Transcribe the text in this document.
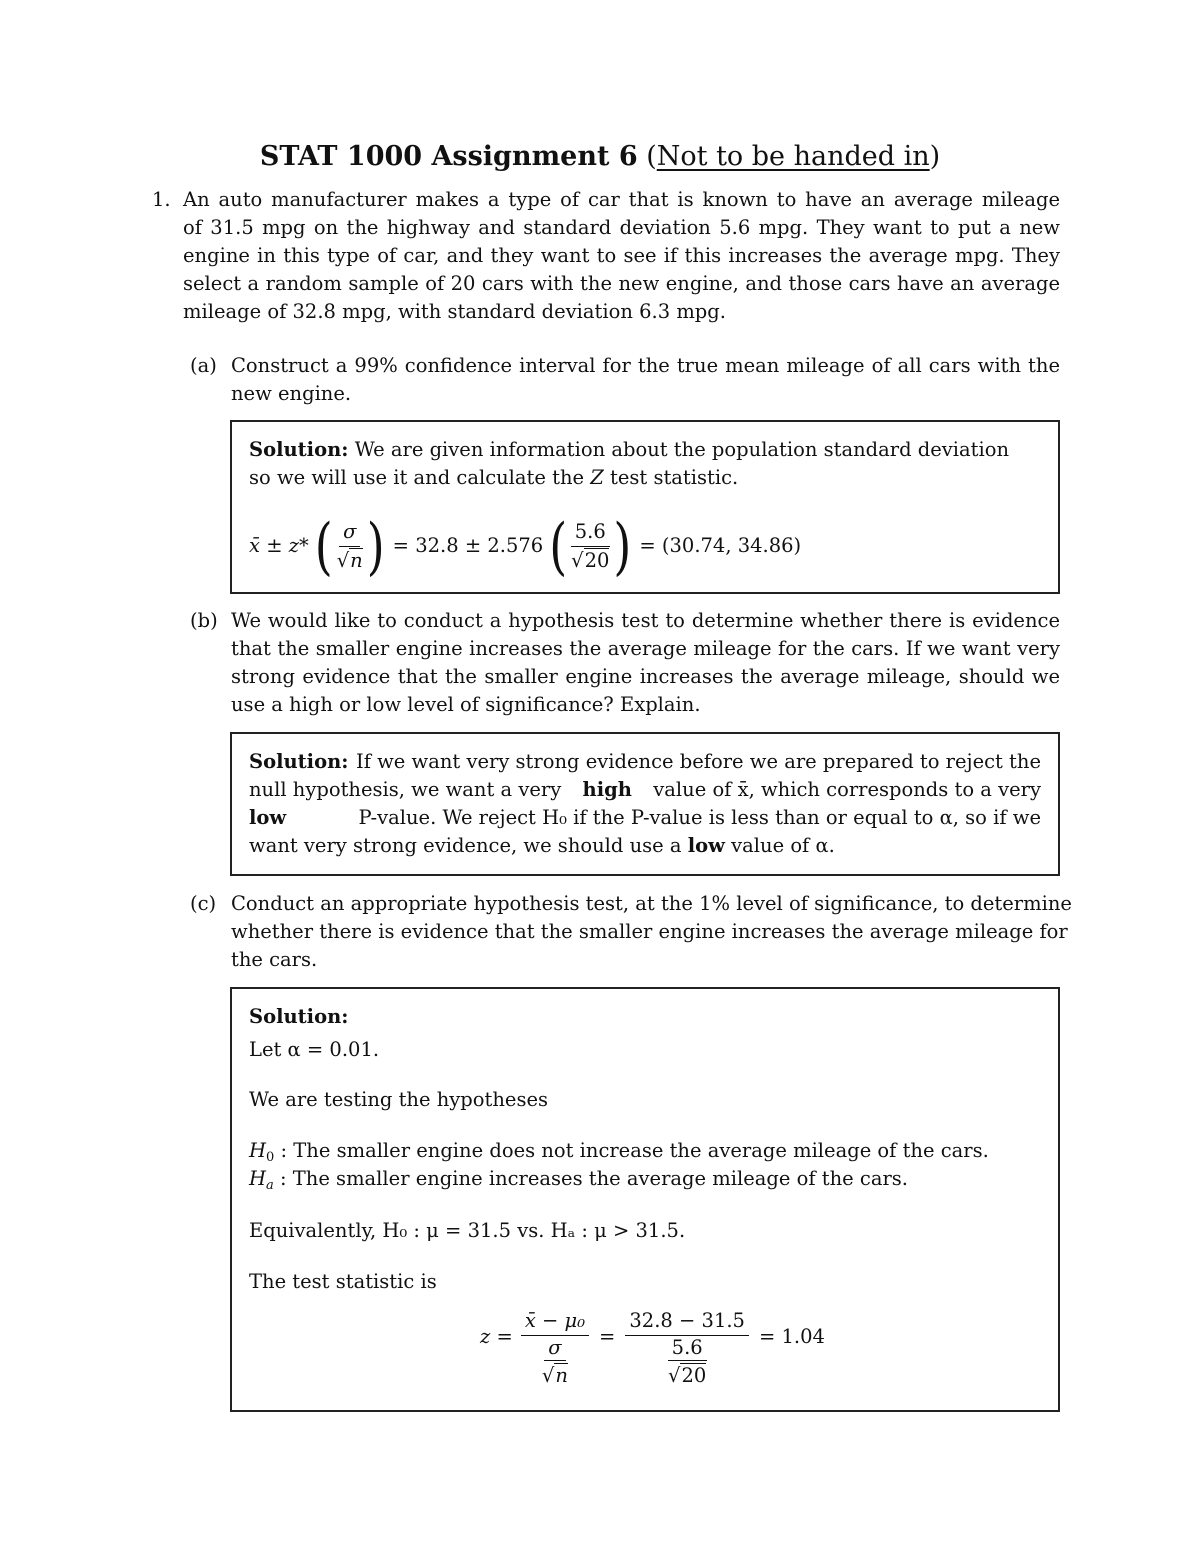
STAT 1000 Assignment 6 (Not to be handed in)
1. An auto manufacturer makes a type of car that is known to have an average mileage
of 31.5 mpg on the highway and standard deviation 5.6 mpg. They want to put a new
engine in this type of car, and they want to see if this increases the average mpg. They
select a random sample of 20 cars with the new engine, and those cars have an average
mileage of 32.8 mpg, with standard deviation 6.3 mpg.
(a) Construct a 99% confidence interval for the true mean mileage of all cars with the
new engine.
Solution: We are given information about the population standard deviation
so we will use it and calculate the Z test statistic.
x̄ ± z* ( $\frac{\sigma}{√n}$ ) = 32.8 ± 2.576 ( $\frac{5.6}{√20}$ ) = (30.74, 34.86)
(b) We would like to conduct a hypothesis test to determine whether there is evidence
that the smaller engine increases the average mileage for the cars. If we want very
strong evidence that the smaller engine increases the average mileage, should we
use a high or low level of significance? Explain.
Solution: If we want very strong evidence before we are prepared to reject the
null hypothesis, we want a very high value of x̄, which corresponds to a very
low	P-value. We reject H₀ if the P-value is less than or equal to α, so if we
want very strong evidence, we should use a low value of α.
(c) Conduct an appropriate hypothesis test, at the 1% level of significance, to determine
whether there is evidence that the smaller engine increases the average mileage for
the cars.
Solution:
Let α = 0.01.
We are testing the hypotheses
$H_0$ : The smaller engine does not increase the average mileage of the cars.
$H_a$ : The smaller engine increases the average mileage of the cars.
Equivalently, H₀ : μ = 31.5 vs. Hₐ : μ > 31.5.
The test statistic is
z =
x̄ − μ₀
σ
√n
=
32.8 − 31.5
5.6
√20
= 1.04
